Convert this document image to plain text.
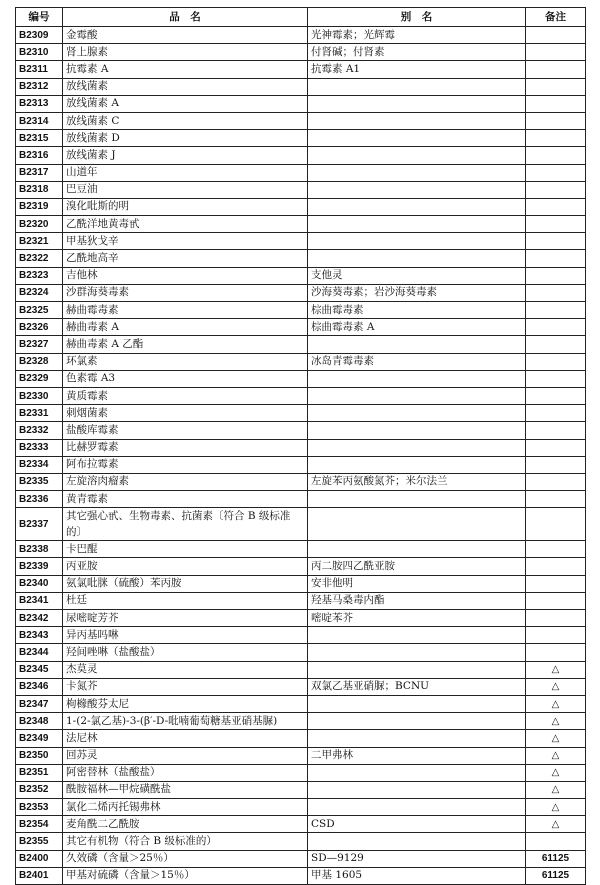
编号	品　名	别　名	备注
B2309	金霉酸	光神霉素；光辉霉	
B2310	肾上腺素	付肾碱；付肾素	
B2311	抗霉素 A	抗霉素 A1	
B2312	放线菌素		
B2313	放线菌素 A		
B2314	放线菌素 C		
B2315	放线菌素 D		
B2316	放线菌素 J		
B2317	山道年		
B2318	巴豆油		
B2319	溴化吡斯的明		
B2320	乙酰洋地黄毒甙		
B2321	甲基狄戈辛		
B2322	乙酰地高辛		
B2323	吉他林	支他灵	
B2324	沙群海葵毒素	沙海葵毒素；岩沙海葵毒素	
B2325	赫曲霉毒素	棕曲霉毒素	
B2326	赫曲毒素 A	棕曲霉毒素 A	
B2327	赫曲毒素 A 乙酯		
B2328	环氯素	冰岛青霉毒素	
B2329	色素霉 A3		
B2330	黄质霉素		
B2331	刺烟菌素		
B2332	盐酸库霉素		
B2333	比赫罗霉素		
B2334	阿布拉霉素		
B2335	左旋溶肉瘤素	左旋苯丙氨酸氮芥；米尔法兰	
B2336	黄青霉素		
B2337	其它强心甙、生物毒素、抗菌素〔符合 B 级标准的〕		
B2338	卡巴醌		
B2339	丙亚胺	丙二胺四乙酰亚胺	
B2340	氨氯吡脒（硫酸）苯丙胺	安非他明	
B2341	杜廷	羟基马桑毒内酯	
B2342	尿嘧啶芳芥	嘧啶苯芥	
B2343	异丙基吗啉		
B2344	羟间唑啉（盐酸盐）		
B2345	杰莫灵		△
B2346	卡氮芥	双氯乙基亚硝脲；BCNU	△
B2347	枸橼酸芬太尼		△
B2348	1-(2-氯乙基)-3-(β′-D-吡喃葡萄糖基亚硝基脲)		△
B2349	法尼林		△
B2350	回苏灵	二甲弗林	△
B2351	阿密替林（盐酸盐）		△
B2352	酰胺福林—甲烷磺酰盐		△
B2353	氯化二烯丙托锡弗林		△
B2354	麦角酰二乙酰胺	CSD	△
B2355	其它有机物（符合 B 级标准的）		
B2400	久效磷（含量＞25％）	SD—9129	61125
B2401	甲基对硫磷（含量＞15％）	甲基 1605	61125
